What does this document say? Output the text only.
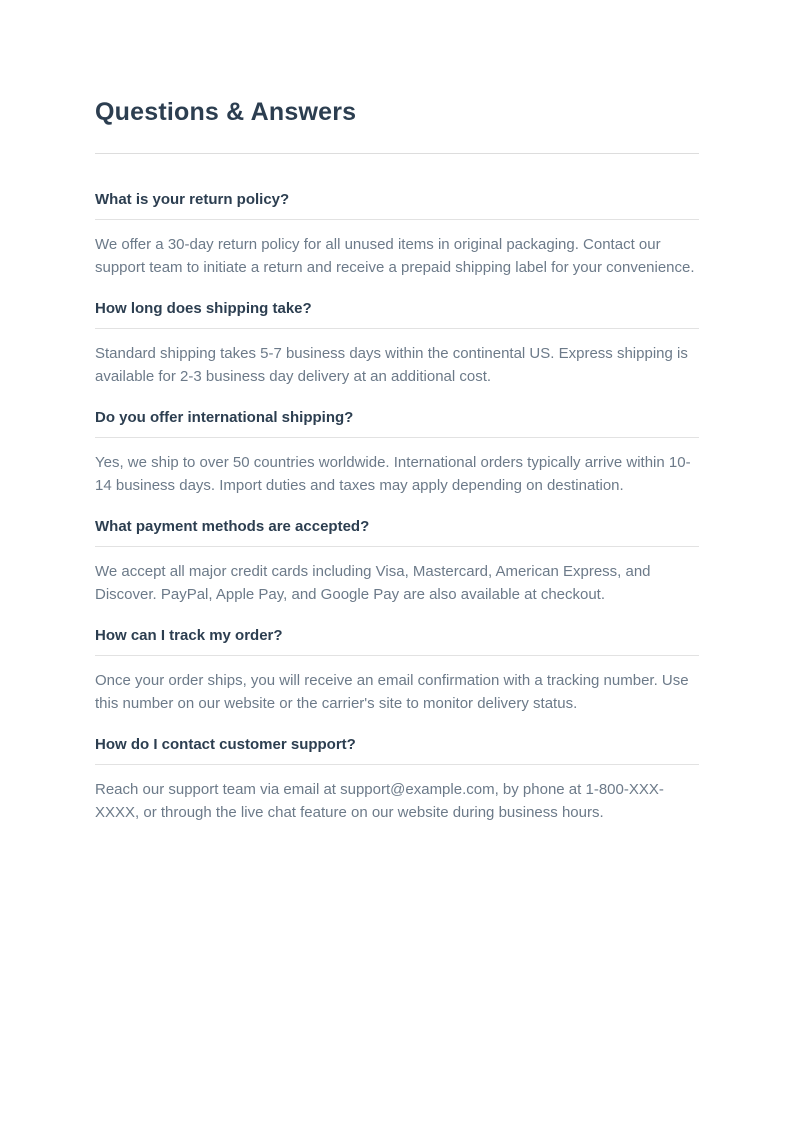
Questions & Answers
What is your return policy?

We offer a 30-day return policy for all unused items in original packaging. Contact our support team to initiate a return and receive a prepaid shipping label for your convenience.

How long does shipping take?

Standard shipping takes 5-7 business days within the continental US. Express shipping is available for 2-3 business day delivery at an additional cost.

Do you offer international shipping?

Yes, we ship to over 50 countries worldwide. International orders typically arrive within 10-14 business days. Import duties and taxes may apply depending on destination.

What payment methods are accepted?

We accept all major credit cards including Visa, Mastercard, American Express, and Discover. PayPal, Apple Pay, and Google Pay are also available at checkout.

How can I track my order?

Once your order ships, you will receive an email confirmation with a tracking number. Use this number on our website or the carrier's site to monitor delivery status.

How do I contact customer support?

Reach our support team via email at support@example.com, by phone at 1-800-XXX-XXXX, or through the live chat feature on our website during business hours.
